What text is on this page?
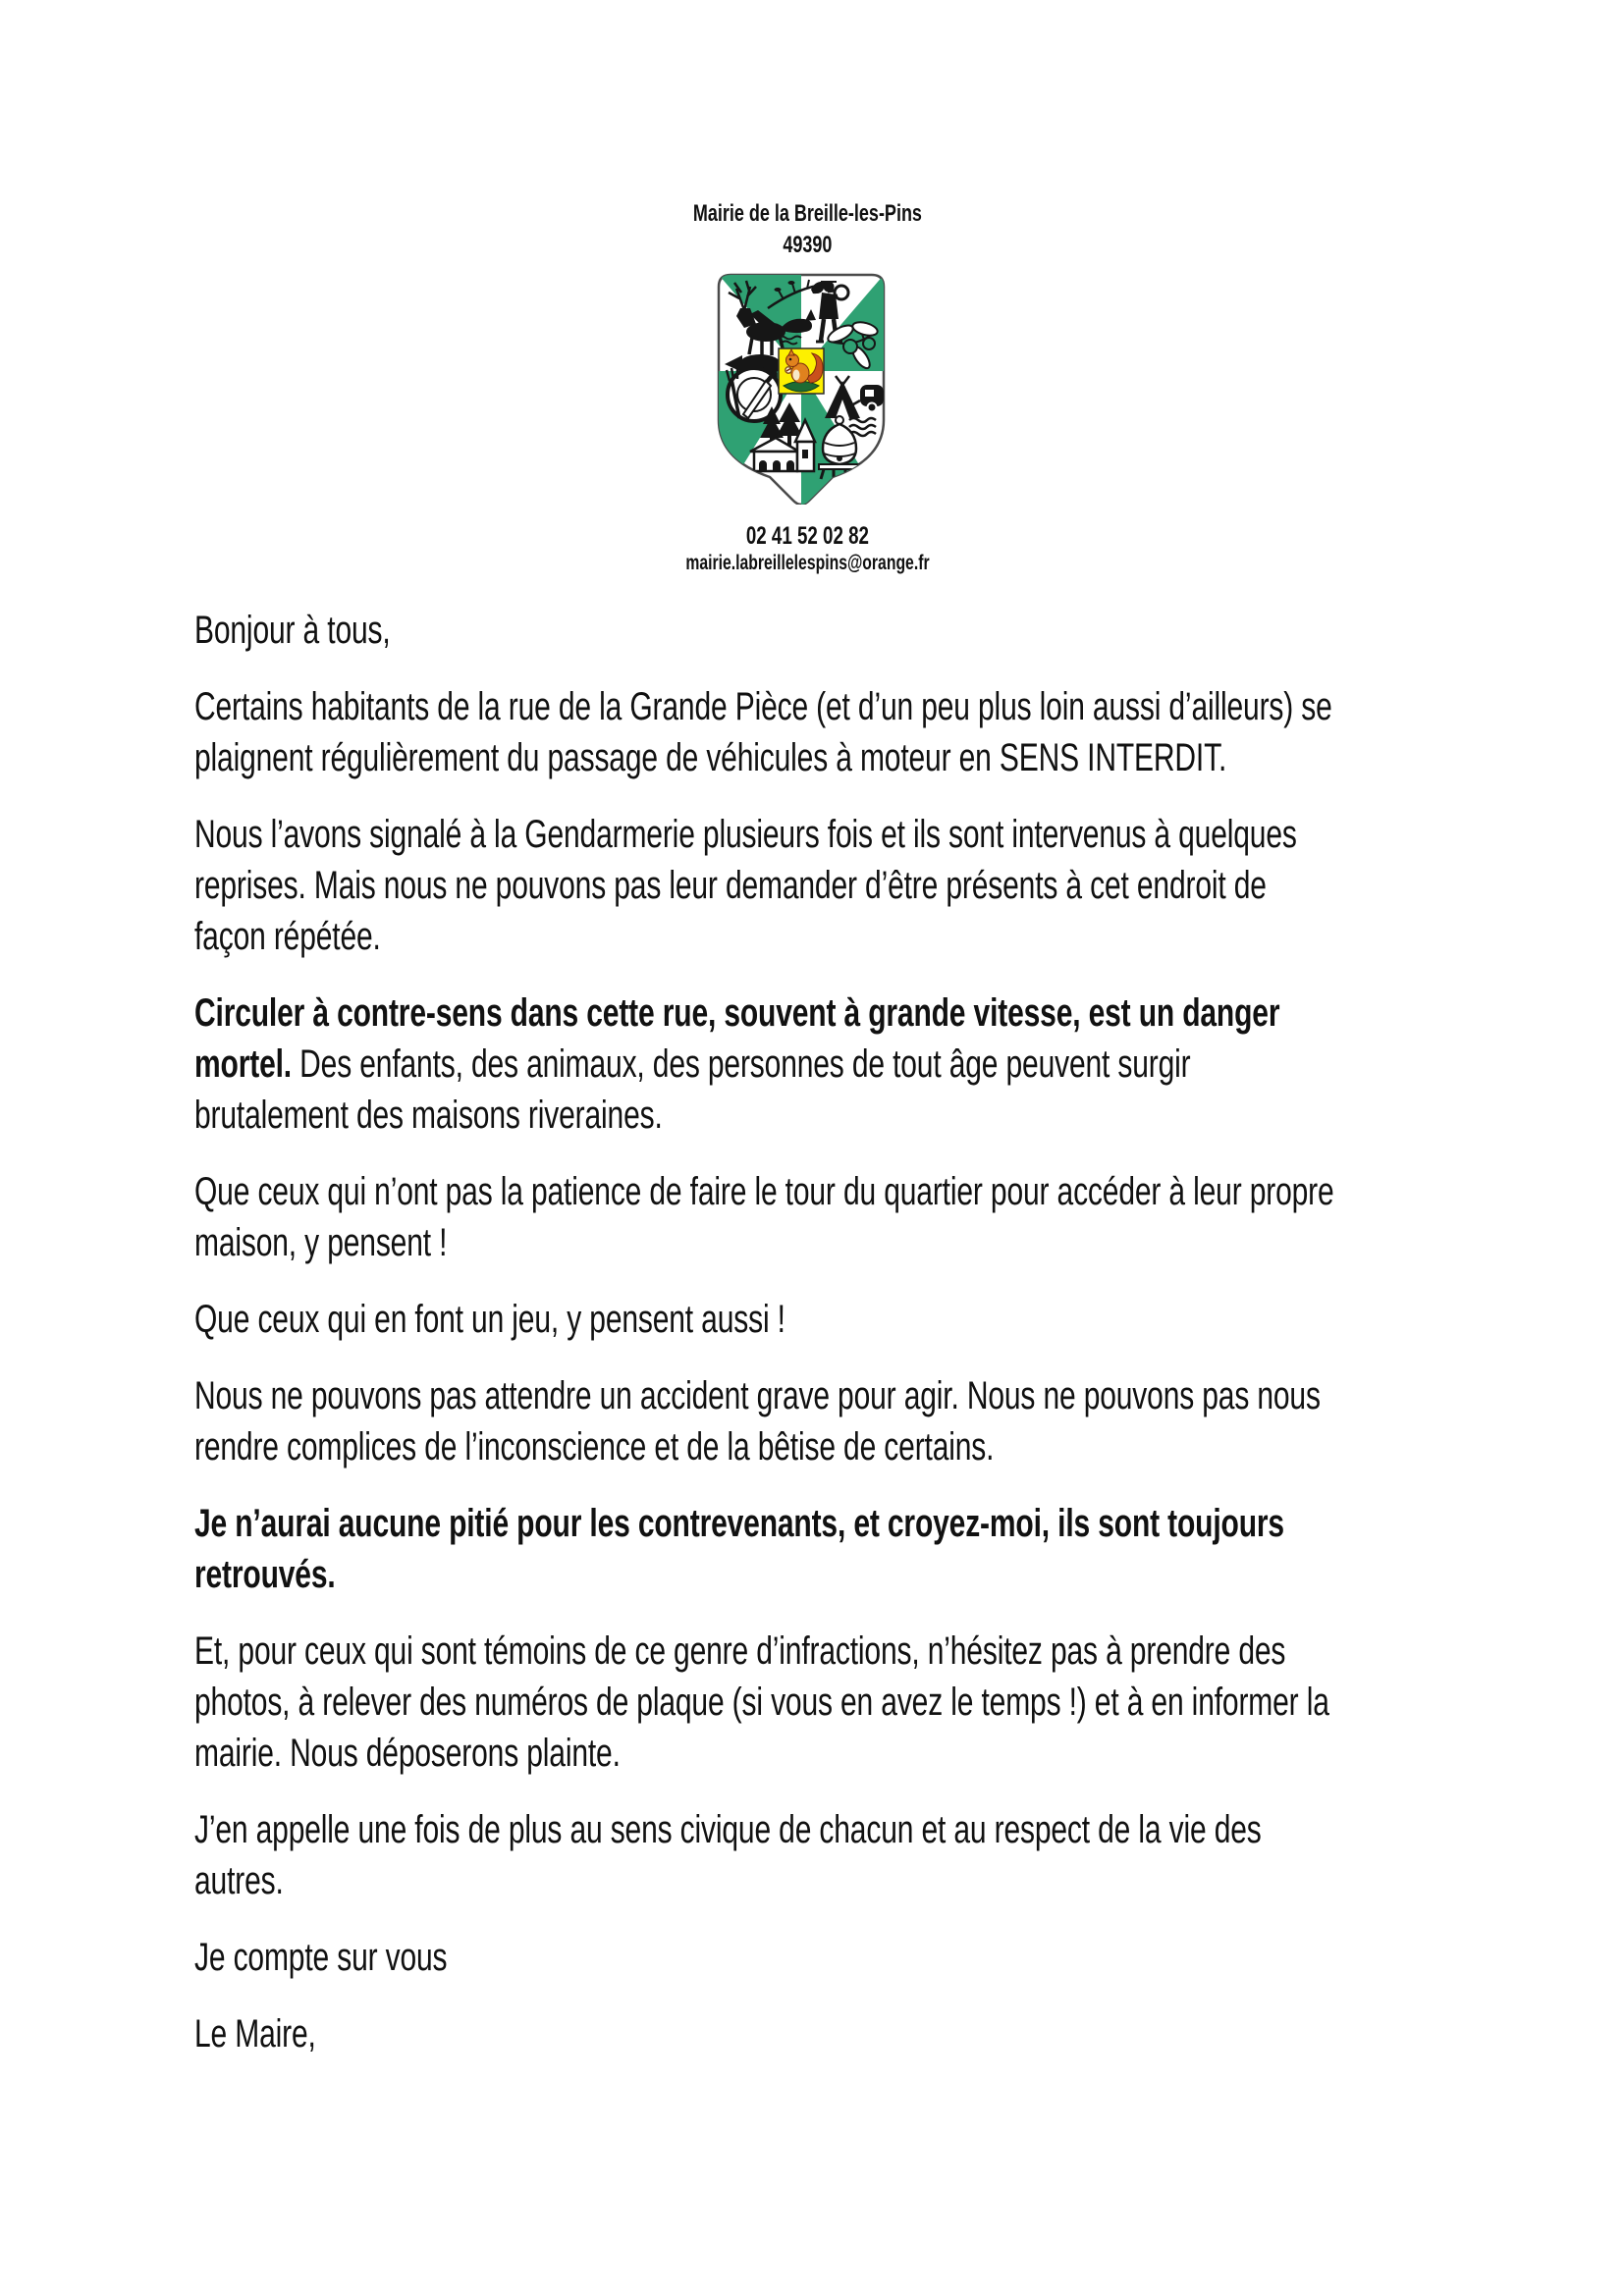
Mairie de la Breille-les-Pins
49390
02 41 52 02 82
mairie.labreillelespins@orange.fr

Bonjour à tous,

Certains habitants de la rue de la Grande Pièce (et d’un peu plus loin aussi d’ailleurs) se plaignent régulièrement du passage de véhicules à moteur en SENS INTERDIT.

Nous l’avons signalé à la Gendarmerie plusieurs fois et ils sont intervenus à quelques reprises. Mais nous ne pouvons pas leur demander d’être présents à cet endroit de façon répétée.

Circuler à contre-sens dans cette rue, souvent à grande vitesse, est un danger mortel. Des enfants, des animaux, des personnes de tout âge peuvent surgir brutalement des maisons riveraines.

Que ceux qui n’ont pas la patience de faire le tour du quartier pour accéder à leur propre maison, y pensent !

Que ceux qui en font un jeu, y pensent aussi !

Nous ne pouvons pas attendre un accident grave pour agir. Nous ne pouvons pas nous rendre complices de l’inconscience et de la bêtise de certains.

Je n’aurai aucune pitié pour les contrevenants, et croyez-moi, ils sont toujours retrouvés.

Et, pour ceux qui sont témoins de ce genre d’infractions, n’hésitez pas à prendre des photos, à relever des numéros de plaque (si vous en avez le temps !) et à en informer la mairie. Nous déposerons plainte.

J’en appelle une fois de plus au sens civique de chacun et au respect de la vie des autres.

Je compte sur vous

Le Maire,
